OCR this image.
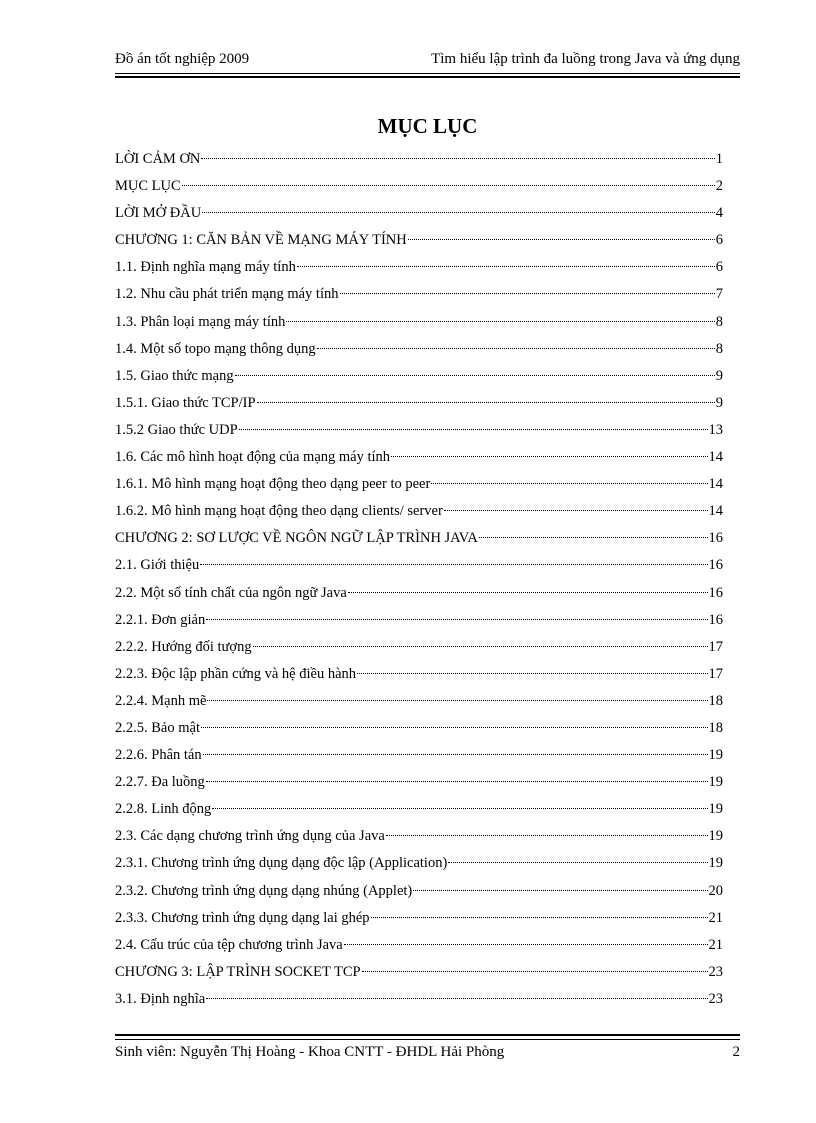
Đồ án tốt nghiệp 2009	Tìm hiểu lập trình đa luồng trong Java và ứng dụng
MỤC LỤC
LỜI CẢM ƠN	1
MỤC LỤC	2
LỜI MỞ ĐẦU	4
CHƯƠNG 1: CĂN BẢN VỀ MẠNG MÁY TÍNH	6
1.1. Định nghĩa mạng máy tính	6
1.2. Nhu cầu phát triển mạng máy tính	7
1.3. Phân loại mạng máy tính	8
1.4. Một số topo mạng thông dụng	8
1.5. Giao thức mạng	9
1.5.1. Giao thức TCP/IP	9
1.5.2 Giao thức UDP	13
1.6. Các mô hình hoạt động của mạng máy tính	14
1.6.1. Mô hình mạng hoạt động theo dạng peer to peer	14
1.6.2. Mô hình mạng hoạt động theo dạng clients/ server	14
CHƯƠNG 2: SƠ LƯỢC VỀ NGÔN NGỮ LẬP TRÌNH JAVA	16
2.1. Giới thiệu	16
2.2. Một số tính chất của ngôn ngữ Java	16
2.2.1. Đơn giản	16
2.2.2. Hướng đối tượng	17
2.2.3. Độc lập phần cứng và hệ điều hành	17
2.2.4. Mạnh mẽ	18
2.2.5. Bảo mật	18
2.2.6. Phân tán	19
2.2.7. Đa luồng	19
2.2.8. Linh động	19
2.3. Các dạng chương trình ứng dụng của Java	19
2.3.1. Chương trình ứng dụng dạng độc lập (Application)	19
2.3.2. Chương trình ứng dụng dạng nhúng (Applet)	20
2.3.3. Chương trình ứng dụng dạng lai ghép	21
2.4. Cấu trúc của tệp chương trình Java	21
CHƯƠNG 3: LẬP TRÌNH SOCKET TCP	23
3.1. Định nghĩa	23
Sinh viên: Nguyễn Thị Hoàng - Khoa CNTT - ĐHDL Hải Phòng	2
